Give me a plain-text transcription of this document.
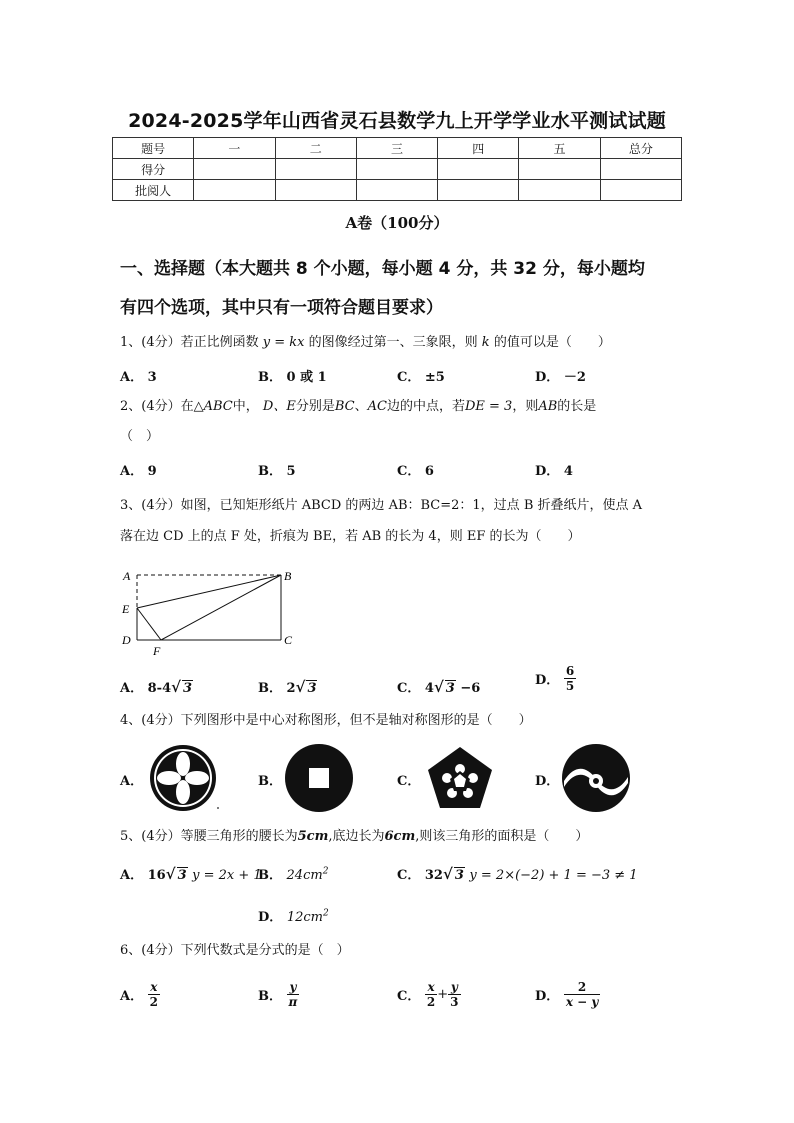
2024-2025学年山西省灵石县数学九上开学学业水平测试试题
题号	一	二	三	四	五	总分
得分						
批阅人						
A卷（100分）
一、选择题（本大题共 8 个小题，每小题 4 分，共 32 分，每小题均
有四个选项，其中只有一项符合题目要求）
1、(4分）若正比例函数 y = kx 的图像经过第一、三象限，则 k 的值可以是（　　）
A． 3	B． 0 或 1	C． ±5	D． －2
2、(4分）在△ABC中， D、E分别是BC、AC边的中点，若DE = 3，则AB的长是
（　）
A． 9	B． 5	C． 6	D． 4
3、(4分）如图，已知矩形纸片 ABCD 的两边 AB：BC=2：1，过点 B 折叠纸片，使点 A
落在边 CD 上的点 F 处，折痕为 BE，若 AB 的长为 4，则 EF 的长为（　　）
A	B
E
D	C
F
A． 8-4√ 3	B． 2√ 3	C． 4√ 3 −6
D． $\frac{6}{5}$
4、(4分）下列图形中是中心对称图形，但不是轴对称图形的是（　　）
A．	B．	C．	D．
5、(4分）等腰三角形的腰长为5cm,底边长为6cm,则该三角形的面积是（　　）
A． 16√ 3 y = 2x + 1
B． $24cm^2$	C． 32√ 3 y = 2×(−2) + 1 = −3 ≠ 1
D． $12cm^2$
6、(4分）下列代数式是分式的是（　）
A． $\frac{x}{2}$	B． $\frac{y}{\pi}$	C． $\frac{x}{2} + \frac{y}{3}$	D． $\frac{2}{x - y}$
